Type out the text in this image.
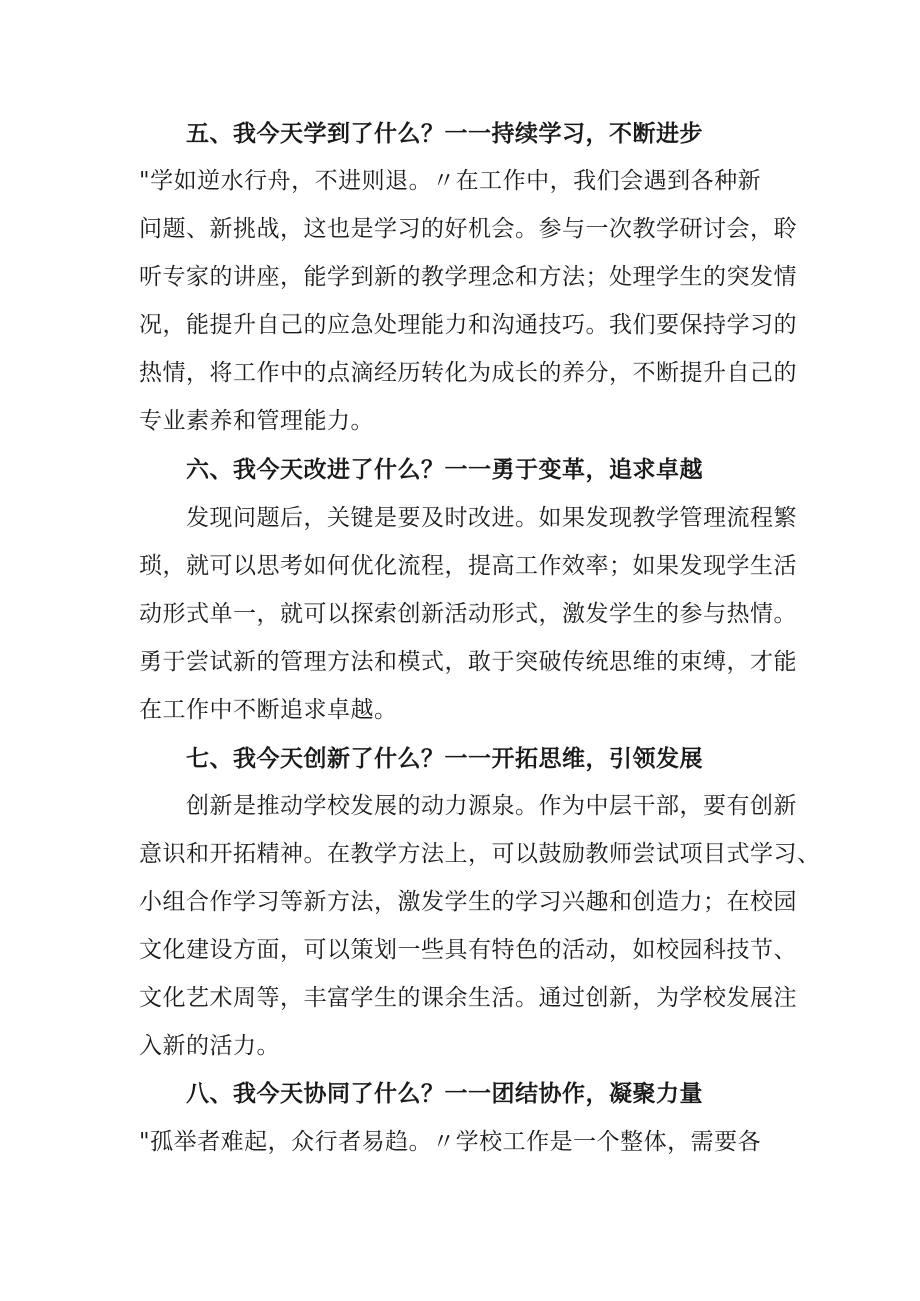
五、我今天学到了什么？一一持续学习，不断进步
"学如逆水行舟，不进则退。〃在工作中，我们会遇到各种新
问题、新挑战，这也是学习的好机会。参与一次教学研讨会，聆
听专家的讲座，能学到新的教学理念和方法；处理学生的突发情
况，能提升自己的应急处理能力和沟通技巧。我们要保持学习的
热情，将工作中的点滴经历转化为成长的养分，不断提升自己的
专业素养和管理能力。
六、我今天改进了什么？一一勇于变革，追求卓越
发现问题后，关键是要及时改进。如果发现教学管理流程繁
琐，就可以思考如何优化流程，提高工作效率；如果发现学生活
动形式单一，就可以探索创新活动形式，激发学生的参与热情。
勇于尝试新的管理方法和模式，敢于突破传统思维的束缚，才能
在工作中不断追求卓越。
七、我今天创新了什么？一一开拓思维，引领发展
创新是推动学校发展的动力源泉。作为中层干部，要有创新
意识和开拓精神。在教学方法上，可以鼓励教师尝试项目式学习、
小组合作学习等新方法，激发学生的学习兴趣和创造力；在校园
文化建设方面，可以策划一些具有特色的活动，如校园科技节、
文化艺术周等，丰富学生的课余生活。通过创新，为学校发展注
入新的活力。
八、我今天协同了什么？一一团结协作，凝聚力量
"孤举者难起，众行者易趋。〃学校工作是一个整体，需要各
